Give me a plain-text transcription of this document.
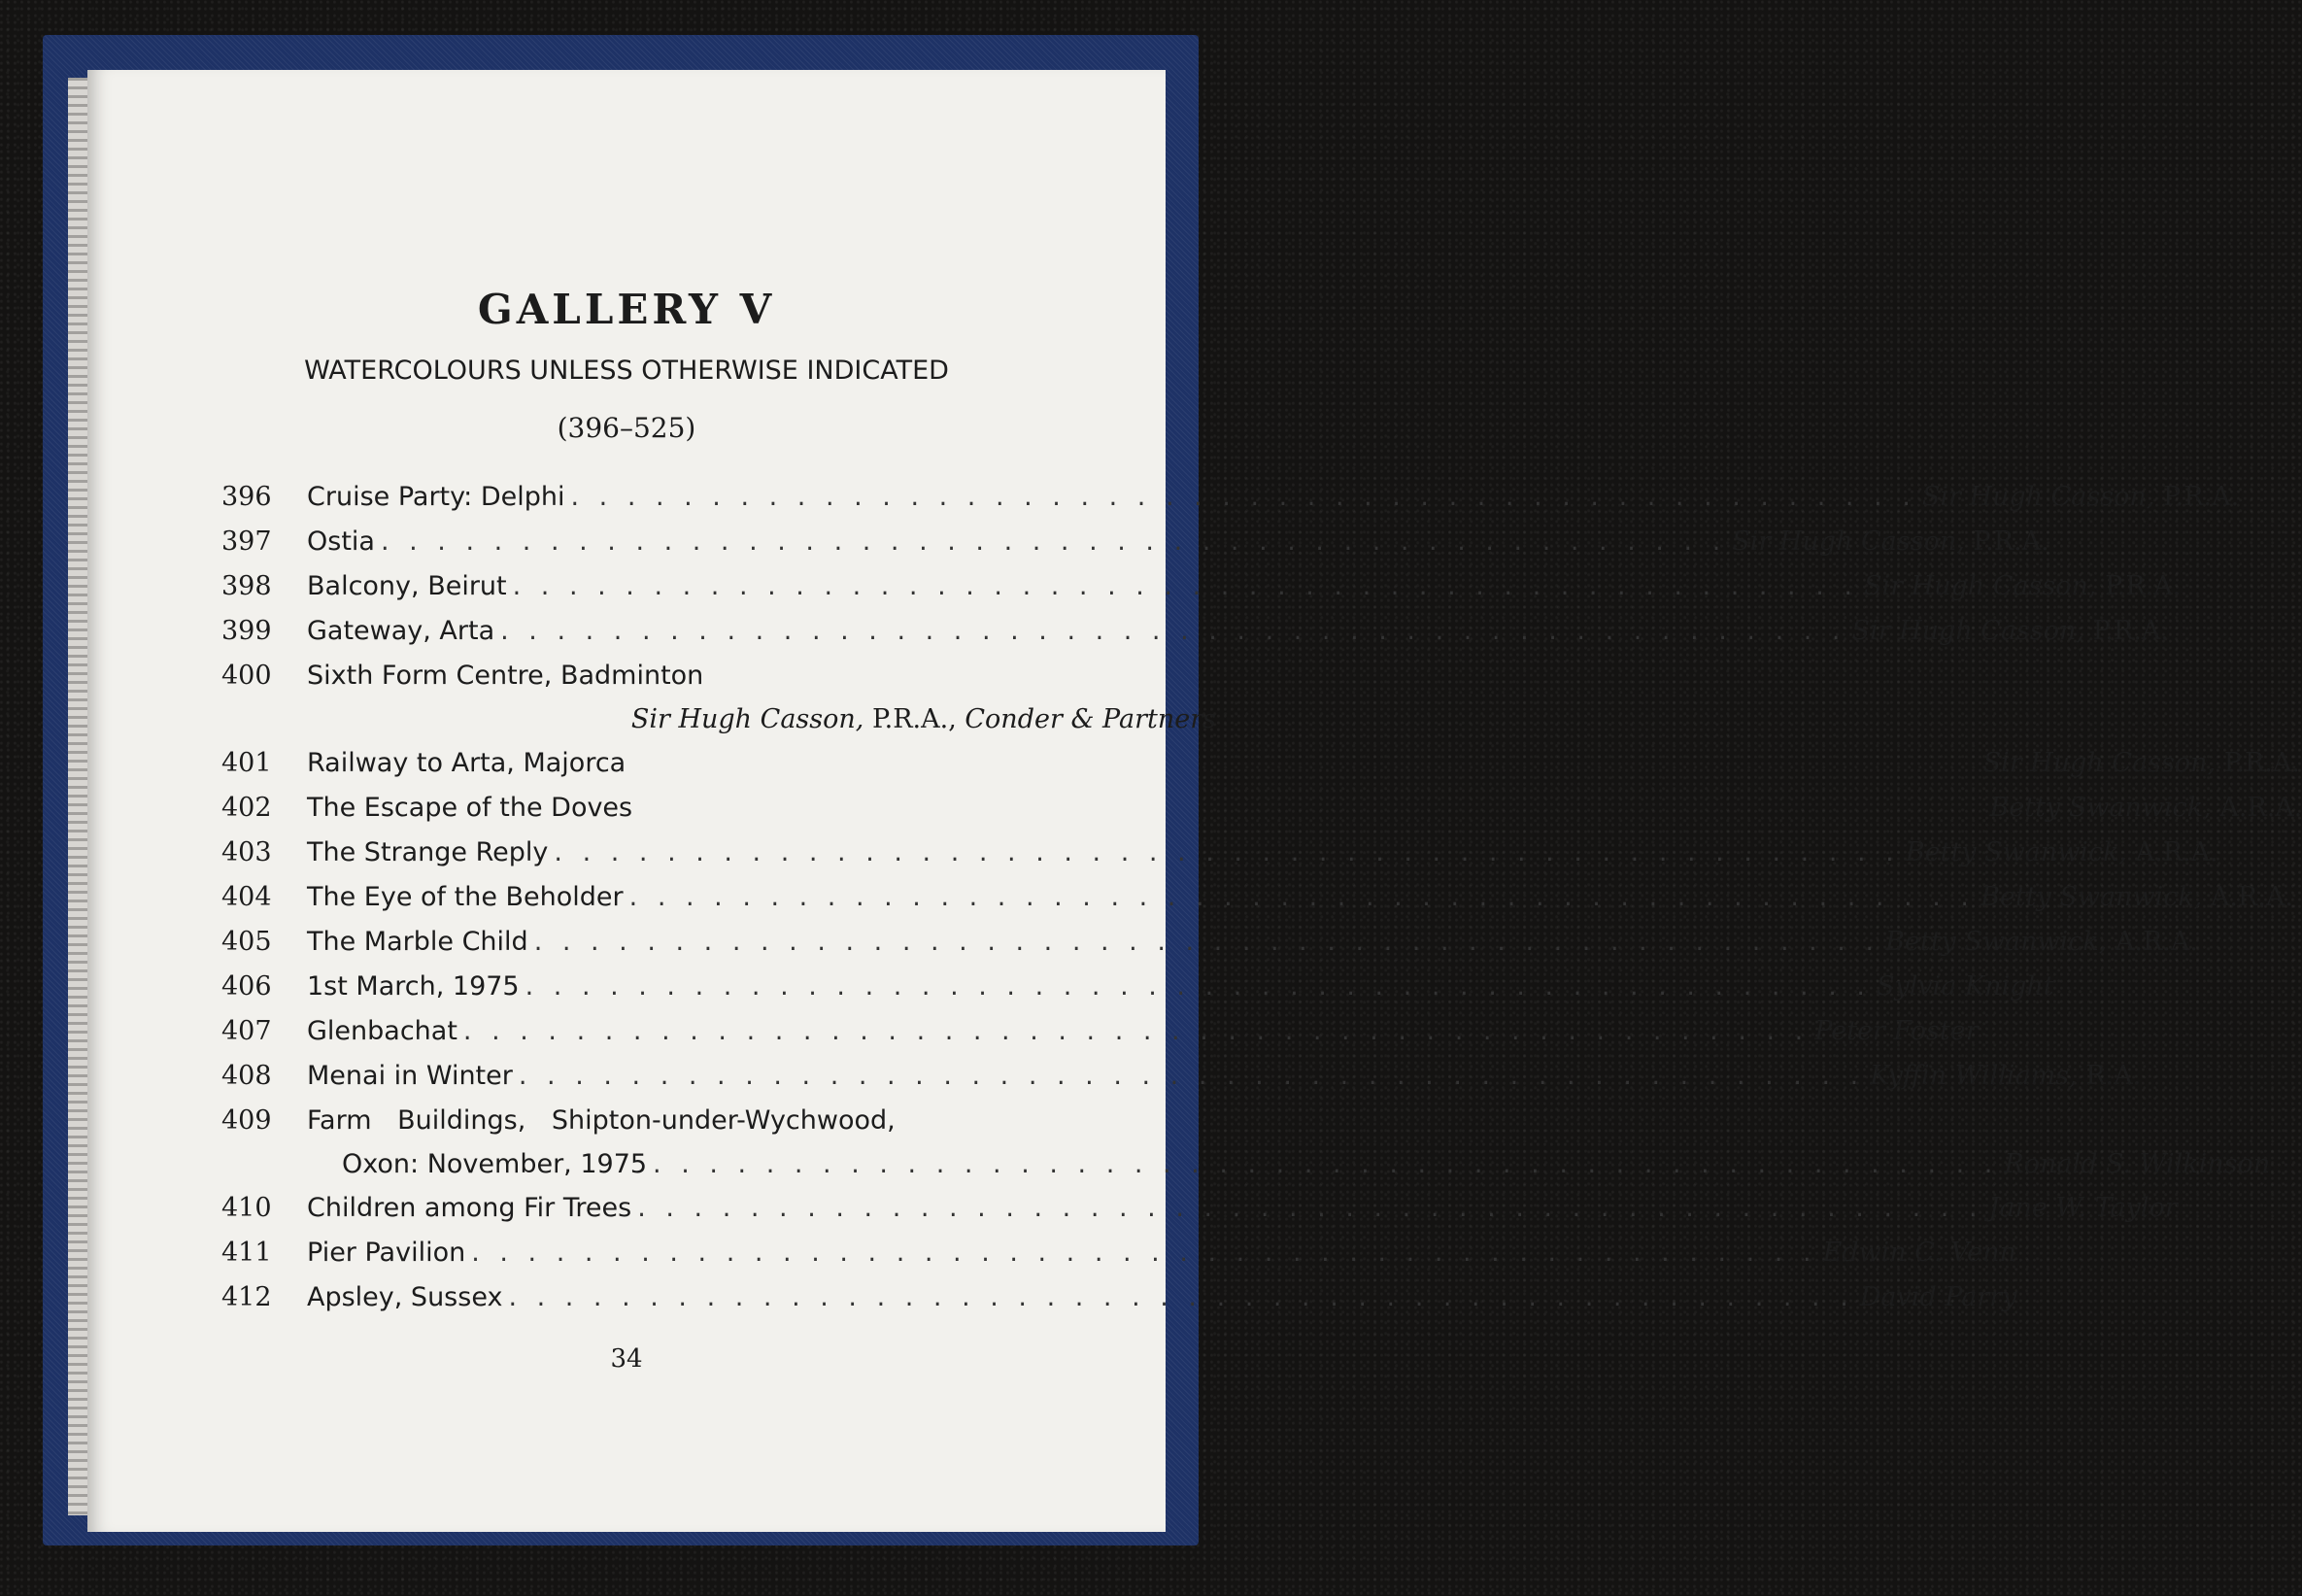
GALLERY V
WATERCOLOURS UNLESS OTHERWISE INDICATED
(396–525)
396	Cruise Party: Delphi . . .	Sir Hugh Casson, P.R.A.
397	Ostia . . .	Sir Hugh Casson, P.R.A.
398	Balcony, Beirut . . .	Sir Hugh Casson, P.R.A.
399	Gateway, Arta . . .	Sir Hugh Casson, P.R.A.
400	Sixth Form Centre, Badminton
Sir Hugh Casson, P.R.A., Conder & Partners
401	Railway to Arta, Majorca	Sir Hugh Casson, P.R.A.
402	The Escape of the Doves	Betty Swanwick, A.R.A.
403	The Strange Reply . . .	Betty Swanwick, A.R.A.
404	The Eye of the Beholder . . .	Betty Swanwick, A.R.A.
405	The Marble Child . . .	Betty Swanwick, A.R.A.
406	1st March, 1975 . . .	Sylvia Knight
407	Glenbachat . . .	Peter Foster
408	Menai in Winter . . .	Kyffin Williams, R.A.
409	Farm Buildings, Shipton-under-Wychwood,
Oxon: November, 1975 . . .	Ronald S. Wilkinson
410	Children among Fir Trees . . .	Jane W. Taylor
411	Pier Pavilion . . .	Edwin C. Venn
412	Apsley, Sussex . . .	David Parry
34
